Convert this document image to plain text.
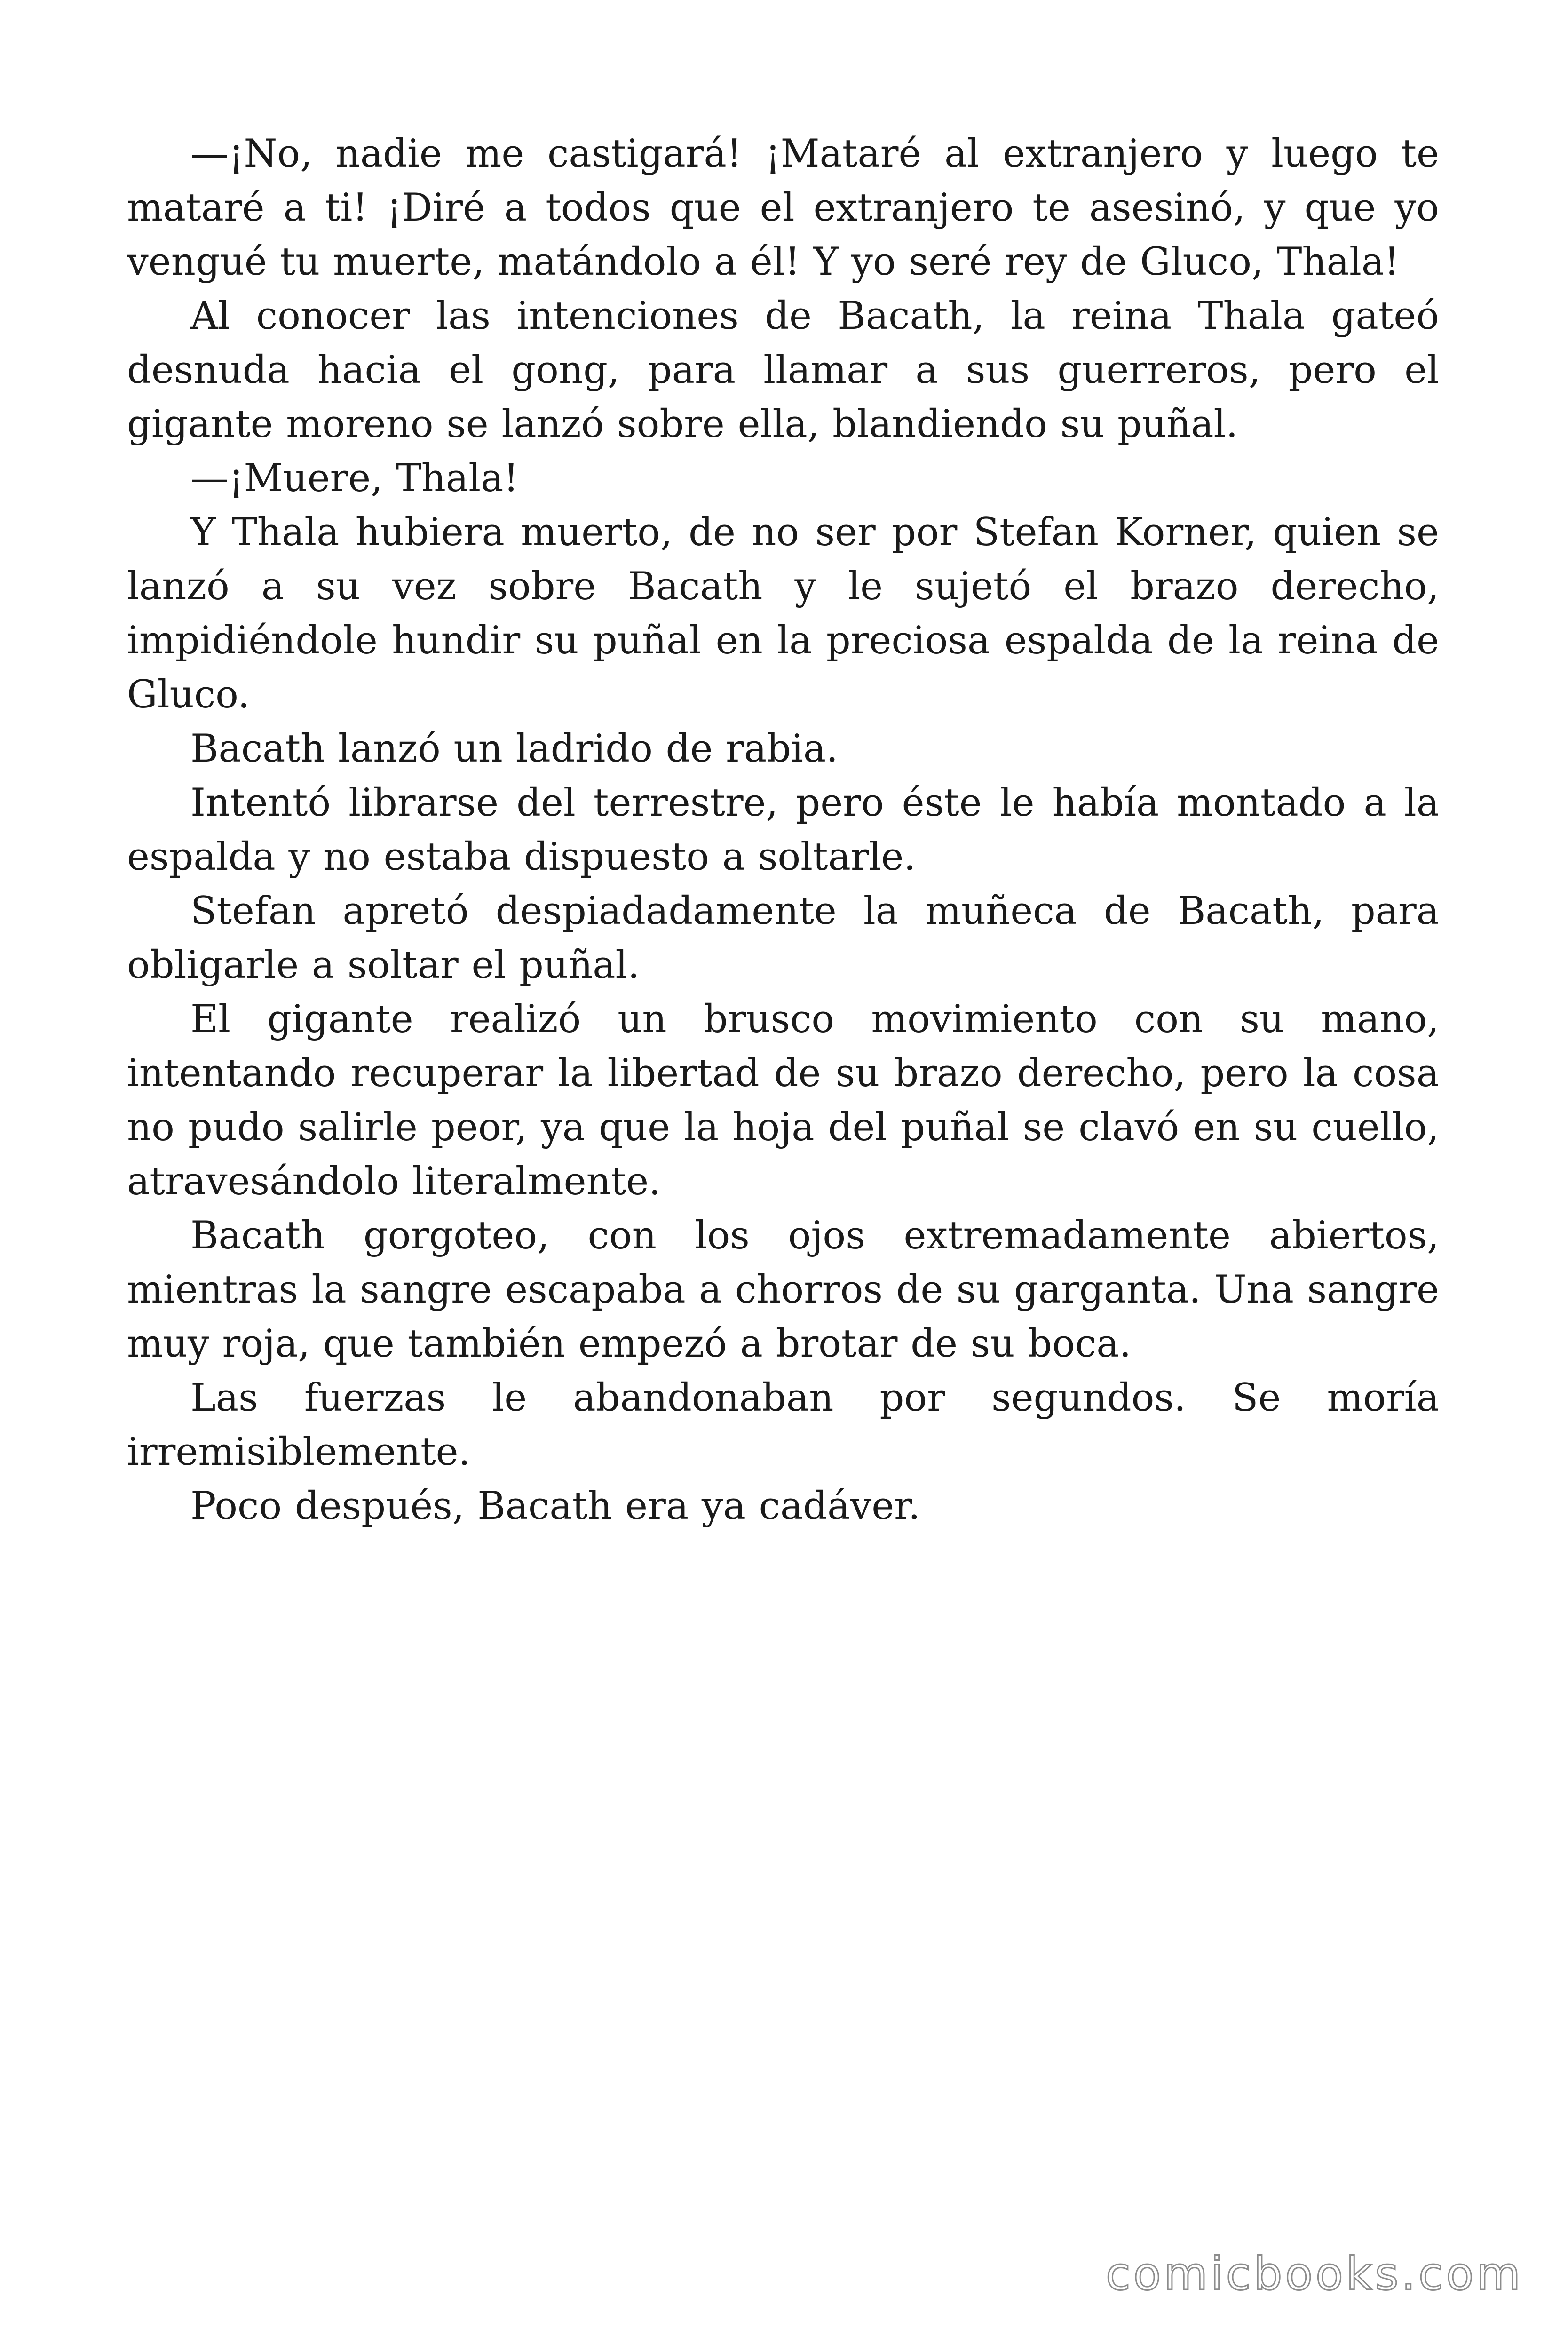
—¡No, nadie me castigará! ¡Mataré al extranjero y luego te mataré a ti! ¡Diré a todos que el extranjero te asesinó, y que yo vengué tu muerte, matándolo a él! Y yo seré rey de Gluco, Thala!

Al conocer las intenciones de Bacath, la reina Thala gateó desnuda hacia el gong, para llamar a sus guerreros, pero el gigante moreno se lanzó sobre ella, blandiendo su puñal.

—¡Muere, Thala!

Y Thala hubiera muerto, de no ser por Stefan Korner, quien se lanzó a su vez sobre Bacath y le sujetó el brazo derecho, impidiéndole hundir su puñal en la preciosa espalda de la reina de Gluco.

Bacath lanzó un ladrido de rabia.

Intentó librarse del terrestre, pero éste le había montado a la espalda y no estaba dispuesto a soltarle.

Stefan apretó despiadadamente la muñeca de Bacath, para obligarle a soltar el puñal.

El gigante realizó un brusco movimiento con su mano, intentando recuperar la libertad de su brazo derecho, pero la cosa no pudo salirle peor, ya que la hoja del puñal se clavó en su cuello, atravesándolo literalmente.

Bacath gorgoteo, con los ojos extremadamente abiertos, mientras la sangre escapaba a chorros de su garganta. Una sangre muy roja, que también empezó a brotar de su boca.

Las fuerzas le abandonaban por segundos. Se moría irremisiblemente.

Poco después, Bacath era ya cadáver.

comicbooks.com
